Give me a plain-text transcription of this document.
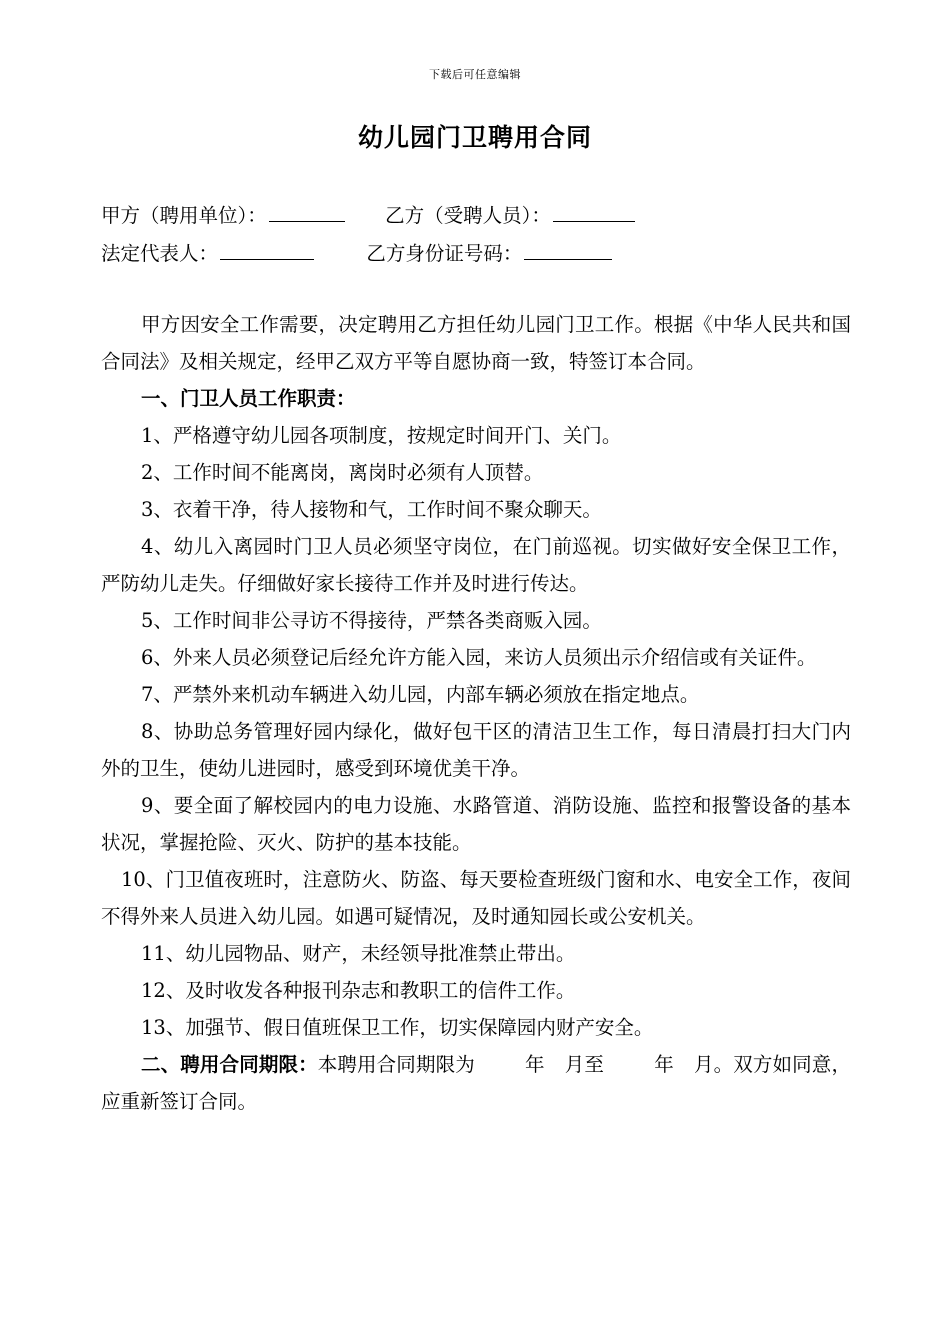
下载后可任意编辑
幼儿园门卫聘用合同
甲方（聘用单位）：	乙方（受聘人员）：
法定代表人：	乙方身份证号码：

甲方因安全工作需要，决定聘用乙方担任幼儿园门卫工作。根据《中华人民共和国合同法》及相关规定，经甲乙双方平等自愿协商一致，特签订本合同。

一、门卫人员工作职责：

1、严格遵守幼儿园各项制度，按规定时间开门、关门。

2、工作时间不能离岗，离岗时必须有人顶替。

3、衣着干净，待人接物和气，工作时间不聚众聊天。

4、幼儿入离园时门卫人员必须坚守岗位，在门前巡视。切实做好安全保卫工作，严防幼儿走失。仔细做好家长接待工作并及时进行传达。

5、工作时间非公寻访不得接待，严禁各类商贩入园。

6、外来人员必须登记后经允许方能入园，来访人员须出示介绍信或有关证件。

7、严禁外来机动车辆进入幼儿园，内部车辆必须放在指定地点。

8、协助总务管理好园内绿化，做好包干区的清洁卫生工作，每日清晨打扫大门内外的卫生，使幼儿进园时，感受到环境优美干净。

9、要全面了解校园内的电力设施、水路管道、消防设施、监控和报警设备的基本状况，掌握抢险、灭火、防护的基本技能。

10、门卫值夜班时，注意防火、防盗、每天要检查班级门窗和水、电安全工作，夜间不得外来人员进入幼儿园。如遇可疑情况，及时通知园长或公安机关。

11、幼儿园物品、财产，未经领导批准禁止带出。

12、及时收发各种报刊杂志和教职工的信件工作。

13、加强节、假日值班保卫工作，切实保障园内财产安全。

二、聘用合同期限：本聘用合同期限为	年 月至	年 月。双方如同意，应重新签订合同。
